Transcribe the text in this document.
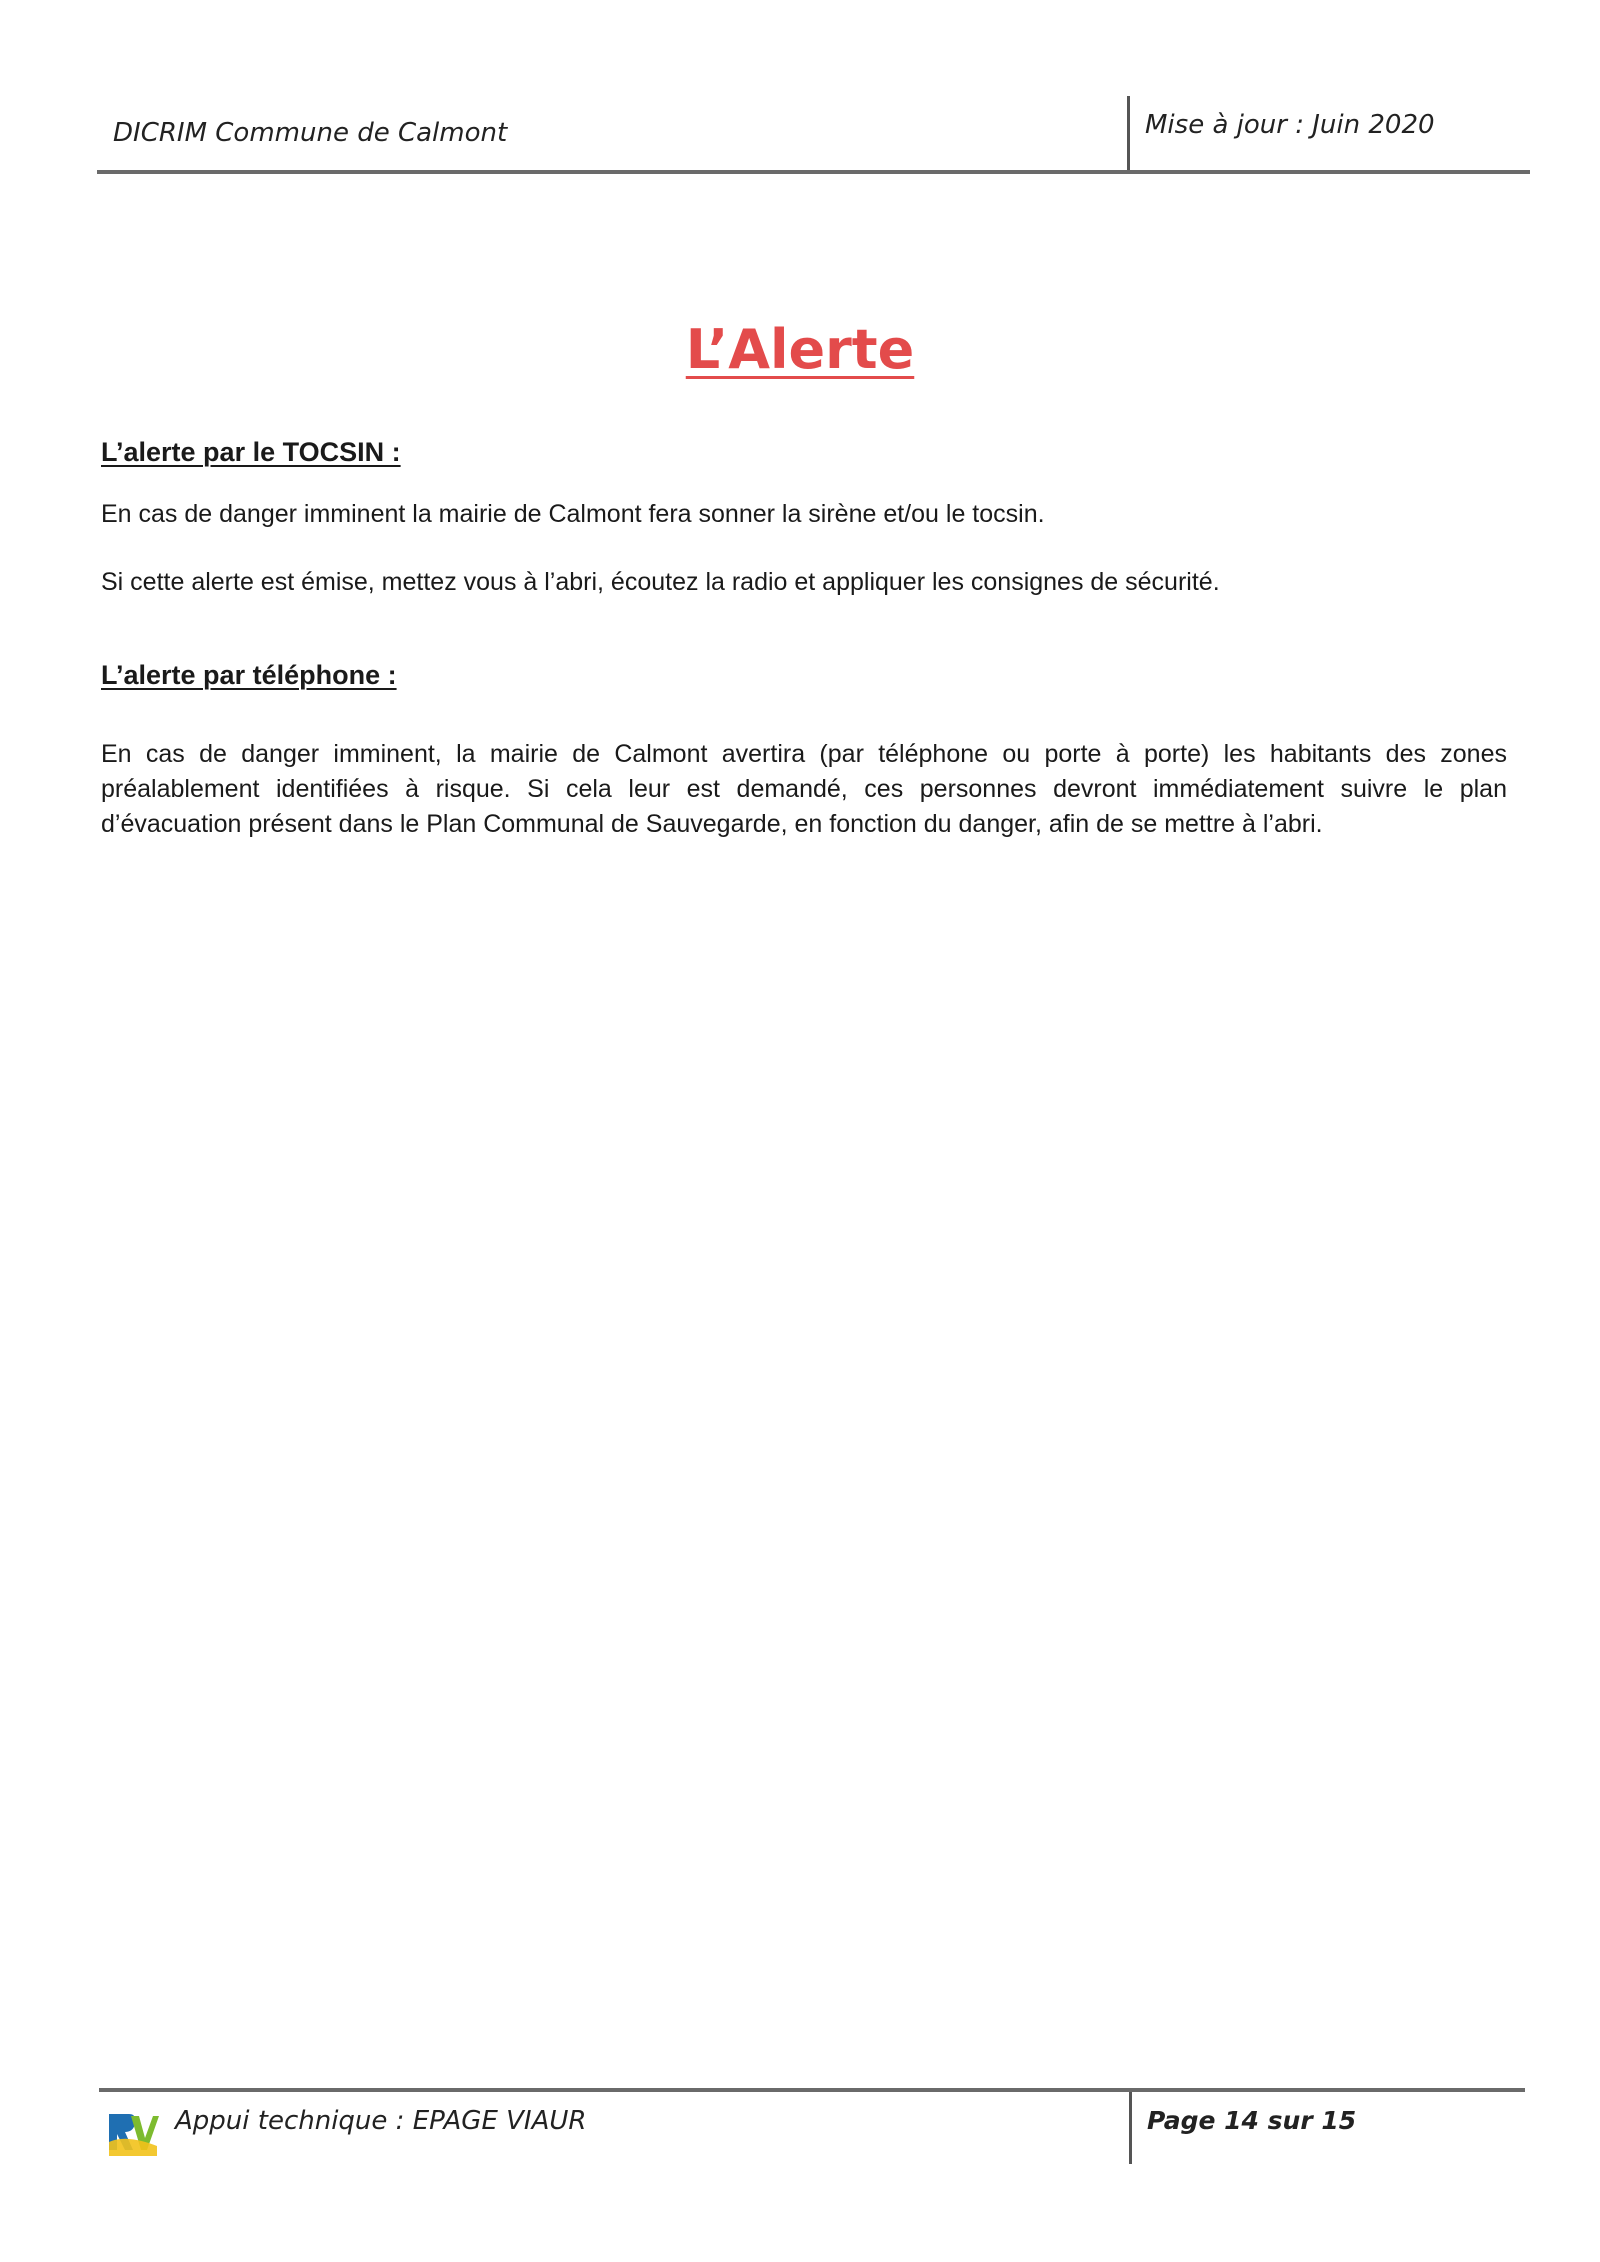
DICRIM Commune de Calmont	Mise à jour : Juin 2020
L’Alerte
L’alerte par le TOCSIN :
En cas de danger imminent la mairie de Calmont fera sonner la sirène et/ou le tocsin.
Si cette alerte est émise, mettez vous à l’abri, écoutez la radio et appliquer les consignes de sécurité.
L’alerte par téléphone :
En cas de danger imminent, la mairie de Calmont avertira (par téléphone ou porte à porte) les habitants des zones préalablement identifiées à risque. Si cela leur est demandé, ces personnes devront immédiatement suivre le plan d’évacuation présent dans le Plan Communal de Sauvegarde, en fonction du danger, afin de se mettre à l’abri.
Appui technique : EPAGE VIAUR	Page 14 sur 15
